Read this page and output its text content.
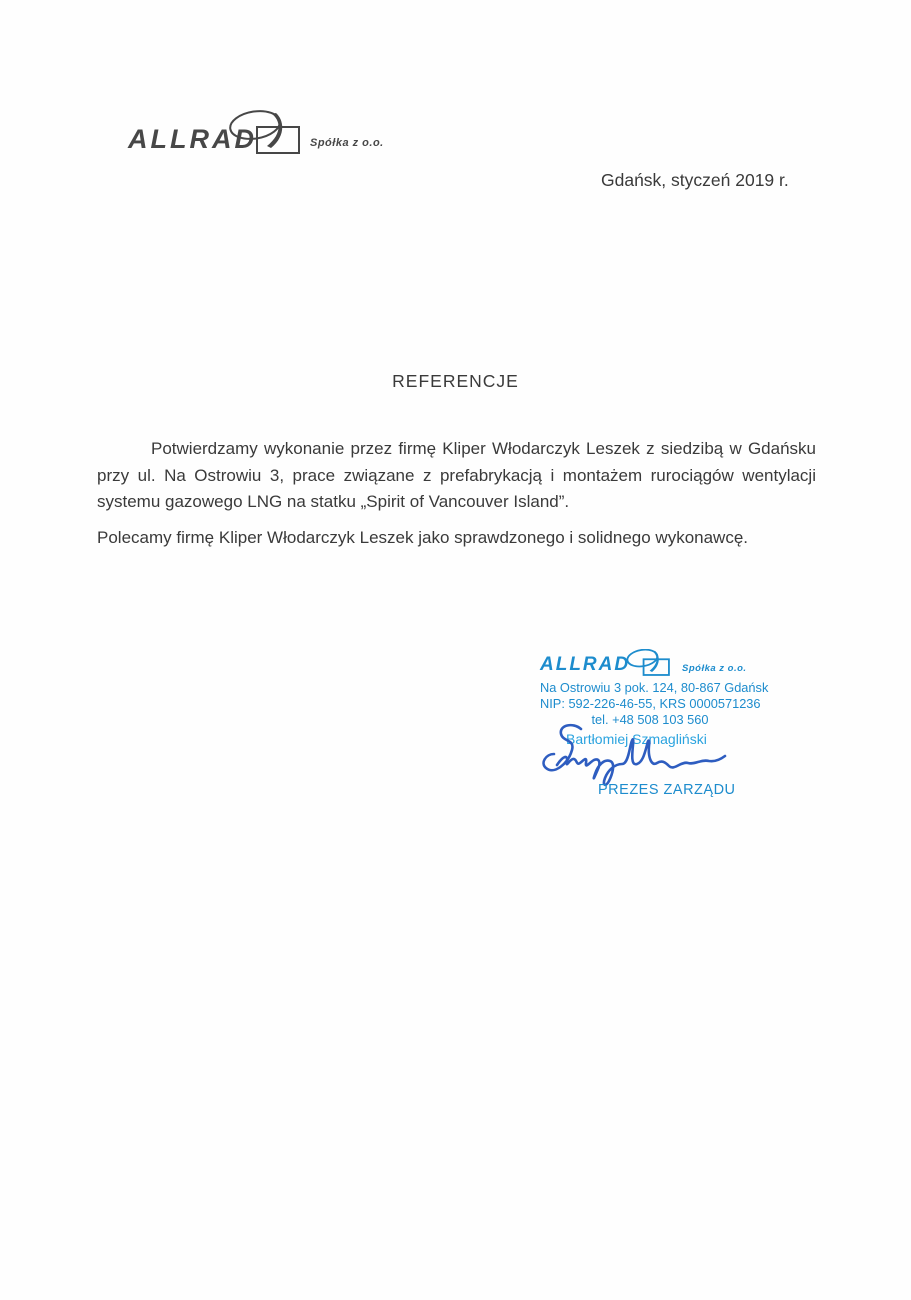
ALLRAD	Spółka z o.o.
Gdańsk, styczeń 2019 r.
REFERENCJE

Potwierdzamy wykonanie przez firmę Kliper Włodarczyk Leszek z siedzibą w Gdańsku przy ul. Na Ostrowiu 3, prace związane z prefabrykacją i montażem rurociągów wentylacji systemu gazowego LNG na statku „Spirit of Vancouver Island”.

Polecamy firmę Kliper Włodarczyk Leszek jako sprawdzonego i solidnego wykonawcę.

ALLRAD	Spółka z o.o.
Na Ostrowiu 3 pok. 124, 80-867 Gdańsk
NIP: 592-226-46-55, KRS 0000571236
tel. +48 508 103 560
Bartłomiej Szmagliński
PREZES ZARZĄDU
